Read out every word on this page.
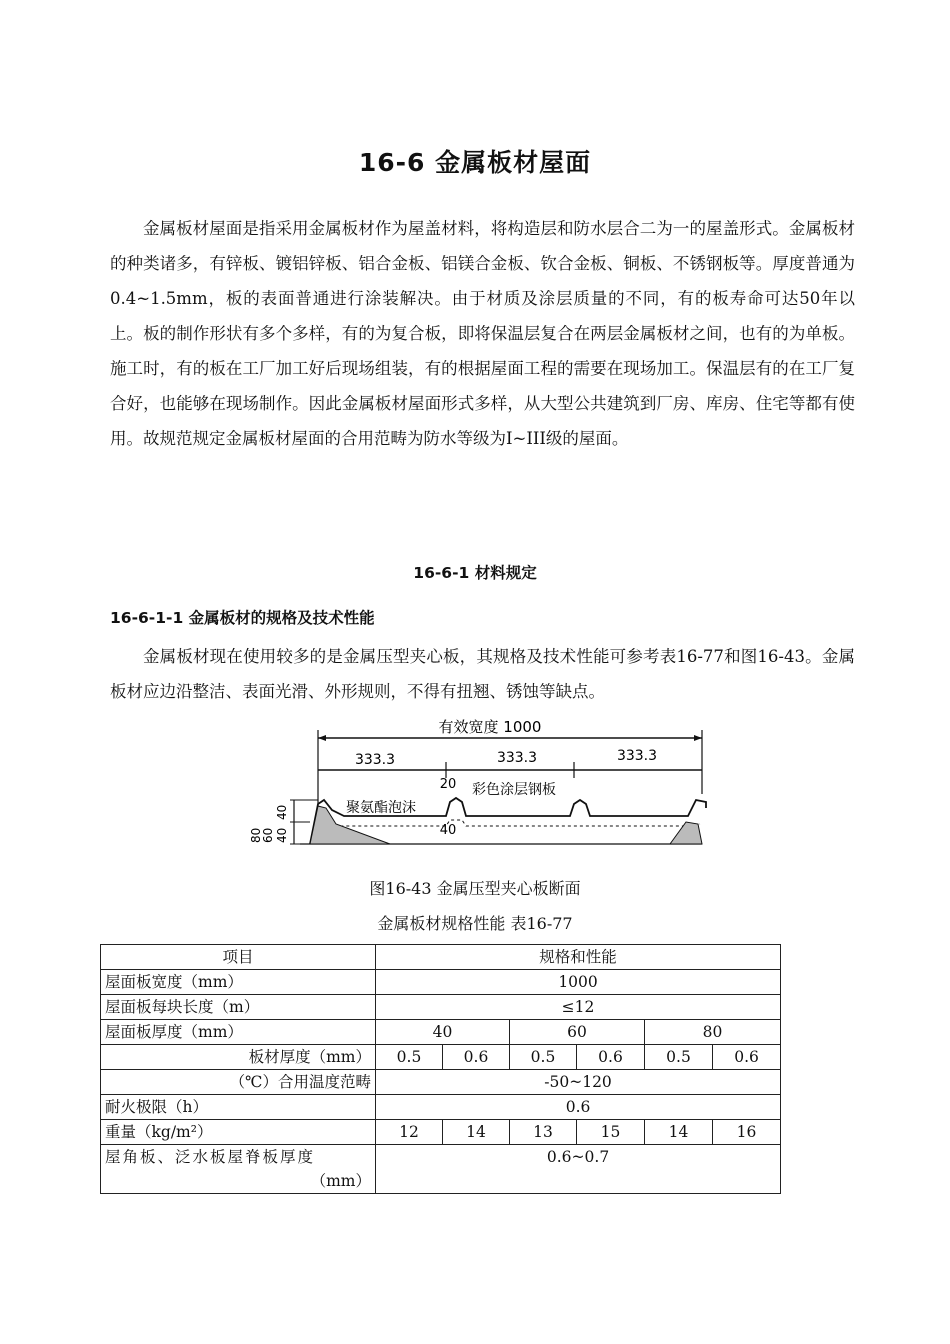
16-6 金属板材屋面

金属板材屋面是指采用金属板材作为屋盖材料，将构造层和防水层合二为一的屋盖形式。金属板材的种类诸多，有锌板、镀铝锌板、铝合金板、铝镁合金板、钦合金板、铜板、不锈钢板等。厚度普通为0.4~1.5mm，板的表面普通进行涂装解决。由于材质及涂层质量的不同，有的板寿命可达50年以上。板的制作形状有多个多样，有的为复合板，即将保温层复合在两层金属板材之间，也有的为单板。施工时，有的板在工厂加工好后现场组装，有的根据屋面工程的需要在现场加工。保温层有的在工厂复合好，也能够在现场制作。因此金属板材屋面形式多样，从大型公共建筑到厂房、库房、住宅等都有使用。故规范规定金属板材屋面的合用范畴为防水等级为I~III级的屋面。

16-6-1 材料规定
16-6-1-1 金属板材的规格及技术性能

金属板材现在使用较多的是金属压型夹心板，其规格及技术性能可参考表16-77和图16-43。金属板材应边沿整洁、表面光滑、外形规则，不得有扭翘、锈蚀等缺点。

有效宽度 1000
333.3	333.3	333.3
80
60 40
40
20
40
聚氨酯泡沫
彩色涂层钢板
图16-43 金属压型夹心板断面
金属板材规格性能 表16-77
项目	规格和性能					
屋面板宽度（mm）	1000					
屋面板每块长度（m）	≤12					
屋面板厚度（mm）	40		60		80	
板材厚度（mm）	0.5	0.6	0.5	0.6	0.5	0.6
（℃）合用温度范畴	-50~120					
耐火极限（h）	0.6					
重量（kg/m²）	12	14	13	15	14	16

屋角板、泛水板屋脊板厚度
（mm）	0.6~0.7					
